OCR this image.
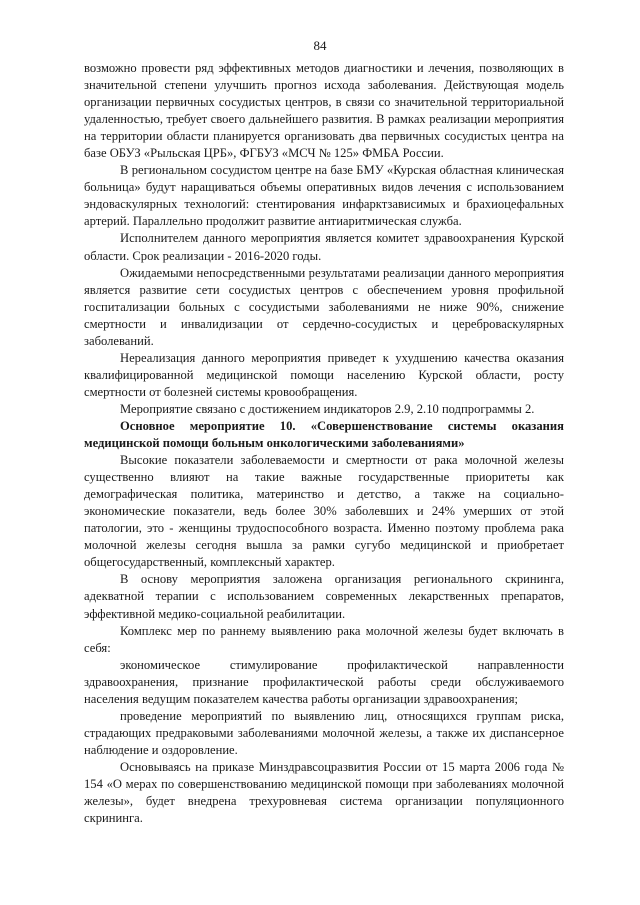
84

возможно провести ряд эффективных методов диагностики и лечения, позволяющих в значительной степени улучшить прогноз исхода заболевания. Действующая модель организации первичных сосудистых центров, в связи со значительной территориальной удаленностью, требует своего дальнейшего развития. В рамках реализации мероприятия на территории области планируется организовать два первичных сосудистых центра на базе ОБУЗ «Рыльская ЦРБ», ФГБУЗ «МСЧ № 125» ФМБА России.

В региональном сосудистом центре на базе БМУ «Курская областная клиническая больница» будут наращиваться объемы оперативных видов лечения с использованием эндоваскулярных технологий: стентирования инфарктзависимых и брахиоцефальных артерий. Параллельно продолжит развитие антиаритмическая служба.

Исполнителем данного мероприятия является комитет здравоохранения Курской области. Срок реализации - 2016-2020 годы.

Ожидаемыми непосредственными результатами реализации данного мероприятия является развитие сети сосудистых центров с обеспечением уровня профильной госпитализации больных с сосудистыми заболеваниями не ниже 90%, снижение смертности и инвалидизации от сердечно-сосудистых и цереброваскулярных заболеваний.

Нереализация данного мероприятия приведет к ухудшению качества оказания квалифицированной медицинской помощи населению Курской области, росту смертности от болезней системы кровообращения.

Мероприятие связано с достижением индикаторов 2.9, 2.10 подпрограммы 2.

Основное мероприятие 10. «Совершенствование системы оказания медицинской помощи больным онкологическими заболеваниями»

Высокие показатели заболеваемости и смертности от рака молочной железы существенно влияют на такие важные государственные приоритеты как демографическая политика, материнство и детство, а также на социально-экономические показатели, ведь более 30% заболевших и 24% умерших от этой патологии, это - женщины трудоспособного возраста. Именно поэтому проблема рака молочной железы сегодня вышла за рамки сугубо медицинской и приобретает общегосударственный, комплексный характер.

В основу мероприятия заложена организация регионального скрининга, адекватной терапии с использованием современных лекарственных препаратов, эффективной медико-социальной реабилитации.

Комплекс мер по раннему выявлению рака молочной железы будет включать в себя:

экономическое стимулирование профилактической направленности здравоохранения, признание профилактической работы среди обслуживаемого населения ведущим показателем качества работы организации здравоохранения;

проведение мероприятий по выявлению лиц, относящихся группам риска, страдающих предраковыми заболеваниями молочной железы, а также их диспансерное наблюдение и оздоровление.

Основываясь на приказе Минздравсоцразвития России от 15 марта 2006 года № 154 «О мерах по совершенствованию медицинской помощи при заболеваниях молочной железы», будет внедрена трехуровневая система организации популяционного скрининга.
